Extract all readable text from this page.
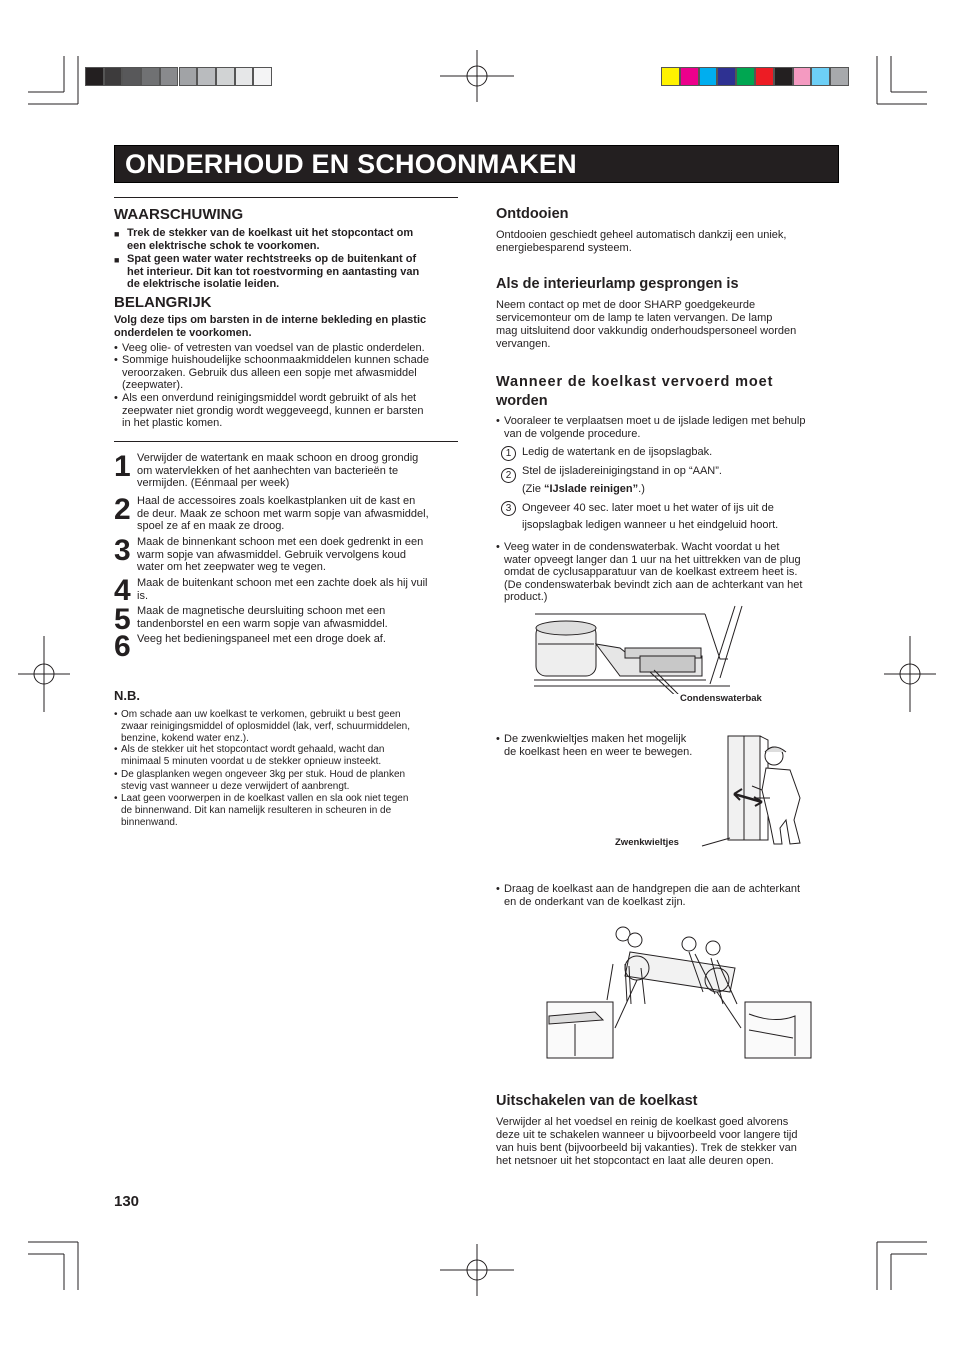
ONDERHOUD EN SCHOONMAKEN
WAARSCHUWING
■ Trek de stekker van de koelkast uit het stopcontact om
een elektrische schok te voorkomen.
■ Spat geen water water rechtstreeks op de buitenkant of
het interieur. Dit kan tot roestvorming en aantasting van
de elektrische isolatie leiden.
BELANGRIJK
Volg deze tips om barsten in de interne bekleding en plastic
onderdelen te voorkomen.
• Veeg olie- of vetresten van voedsel van de plastic onderdelen.
• Sommige huishoudelijke schoonmaakmiddelen kunnen schade
veroorzaken. Gebruik dus alleen een sopje met afwasmiddel
(zeepwater).
• Als een onverdund reinigingsmiddel wordt gebruikt of als het
zeepwater niet grondig wordt weggeveegd, kunnen er barsten
in het plastic komen.
1 Verwijder de watertank en maak schoon en droog grondig
om watervlekken of het aanhechten van bacterieën te
vermijden. (Eénmaal per week)
2 Haal de accessoires zoals koelkastplanken uit de kast en
de deur. Maak ze schoon met warm sopje van afwasmiddel,
spoel ze af en maak ze droog.
3 Maak de binnenkant schoon met een doek gedrenkt in een
warm sopje van afwasmiddel. Gebruik vervolgens koud
water om het zeepwater weg te vegen.
4 Maak de buitenkant schoon met een zachte doek als hij vuil
is.
5 Maak de magnetische deursluiting schoon met een
tandenborstel en een warm sopje van afwasmiddel.
6 Veeg het bedieningspaneel met een droge doek af.
N.B.
• Om schade aan uw koelkast te verkomen, gebruikt u best geen
zwaar reinigingsmiddel of oplosmiddel (lak, verf, schuurmiddelen,
benzine, kokend water enz.).
• Als de stekker uit het stopcontact wordt gehaald, wacht dan
minimaal 5 minuten voordat u de stekker opnieuw insteekt.
• De glasplanken wegen ongeveer 3kg per stuk. Houd de planken
stevig vast wanneer u deze verwijdert of aanbrengt.
• Laat geen voorwerpen in de koelkast vallen en sla ook niet tegen
de binnenwand. Dit kan namelijk resulteren in scheuren in de
binnenwand.
Ontdooien
Ontdooien geschiedt geheel automatisch dankzij een uniek,
energiebesparend systeem.
Als de interieurlamp gesprongen is
Neem contact op met de door SHARP goedgekeurde
servicemonteur om de lamp te laten vervangen. De lamp
mag uitsluitend door vakkundig onderhoudspersoneel worden
vervangen.
Wanneer de koelkast vervoerd moet
worden
• Vooraleer te verplaatsen moet u de ijslade ledigen met behulp
van de volgende procedure.
1 Ledig de watertank en de ijsopslagbak.
2 Stel de ijsladereinigingstand in op “AAN”.
(Zie “IJslade reinigen”.)
3 Ongeveer 40 sec. later moet u het water of ijs uit de
ijsopslagbak ledigen wanneer u het eindgeluid hoort.
• Veeg water in de condenswaterbak. Wacht voordat u het
water opveegt langer dan 1 uur na het uittrekken van de plug
omdat de cyclusapparatuur van de koelkast extreem heet is.
(De condenswaterbak bevindt zich aan de achterkant van het
product.)
Condenswaterbak
• De zwenkwieltjes maken het mogelijk
de koelkast heen en weer te bewegen.
Zwenkwieltjes
• Draag de koelkast aan de handgrepen die aan de achterkant
en de onderkant van de koelkast zijn.
Uitschakelen van de koelkast
Verwijder al het voedsel en reinig de koelkast goed alvorens
deze uit te schakelen wanneer u bijvoorbeeld voor langere tijd
van huis bent (bijvoorbeeld bij vakanties). Trek de stekker van
het netsnoer uit het stopcontact en laat alle deuren open.
130
